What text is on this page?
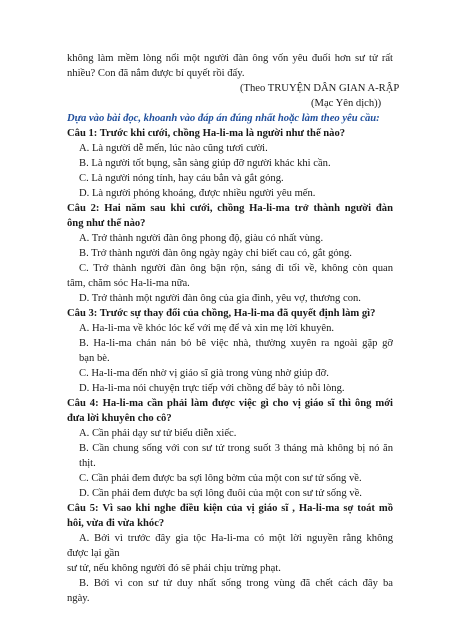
không làm mềm lòng nổi một người đàn ông vốn yêu đuối hơn sư tử rất
nhiều? Con đã nắm được bí quyết rồi đấy.
(Theo TRUYỆN DÂN GIAN A-RẬP
(Mạc Yên dịch))
Dựa vào bài đọc, khoanh vào đáp án đúng nhất hoặc làm theo yêu cầu:
Câu 1: Trước khi cưới, chồng Ha-li-ma là người như thế nào?
A. Là người dễ mến, lúc nào cũng tươi cười.
B. Là người tốt bụng, sẵn sàng giúp đỡ người khác khi cần.
C. Là người nóng tính, hay cáu bẳn và gắt gỏng.
D. Là người phóng khoáng, được nhiều người yêu mến.
Câu 2: Hai năm sau khi cưới, chồng Ha-li-ma trở thành người đàn
ông như thế nào?
A. Trở thành người đàn ông phong độ, giàu có nhất vùng.
B. Trở thành người đàn ông ngày ngày chỉ biết cau có, gắt gỏng.
C. Trở thành người đàn ông bận rộn, sáng đi tối về, không còn quan
tâm, chăm sóc Ha-li-ma nữa.
D. Trở thành một người đàn ông của gia đình, yêu vợ, thương con.
Câu 3: Trước sự thay đổi của chồng, Ha-li-ma đã quyết định làm gì?
A. Ha-li-ma về khóc lóc kể với mẹ để và xin mẹ lời khuyên.
B. Ha-li-ma chán nản bỏ bê việc nhà, thường xuyên ra ngoài gặp gỡ
bạn bè.
C. Ha-li-ma đến nhờ vị giáo sĩ già trong vùng nhờ giúp đỡ.
D. Ha-li-ma nói chuyện trực tiếp với chồng để bày tỏ nỗi lòng.
Câu 4: Ha-li-ma cần phải làm được việc gì cho vị giáo sĩ thì ông mới
đưa lời khuyên cho cô?
A. Cần phải dạy sư tử biểu diễn xiếc.
B. Cần chung sống với con sư tử trong suốt 3 tháng mà không bị nó ăn
thịt.
C. Cần phải đem được ba sợi lông bờm của một con sư tử sống về.
D. Cần phải đem được ba sợi lông đuôi của một con sư tử sống về.
Câu 5: Vì sao khi nghe điều kiện của vị giáo sĩ , Ha-li-ma sợ toát mồ
hôi, vừa đi vừa khóc?
A. Bởi vì trước đây gia tộc Ha-li-ma có một lời nguyền rằng không
được lại gần
sư tử, nếu không người đó sẽ phải chịu trừng phạt.
B. Bởi vì con sư tử duy nhất sống trong vùng đã chết cách đây ba
ngày.
